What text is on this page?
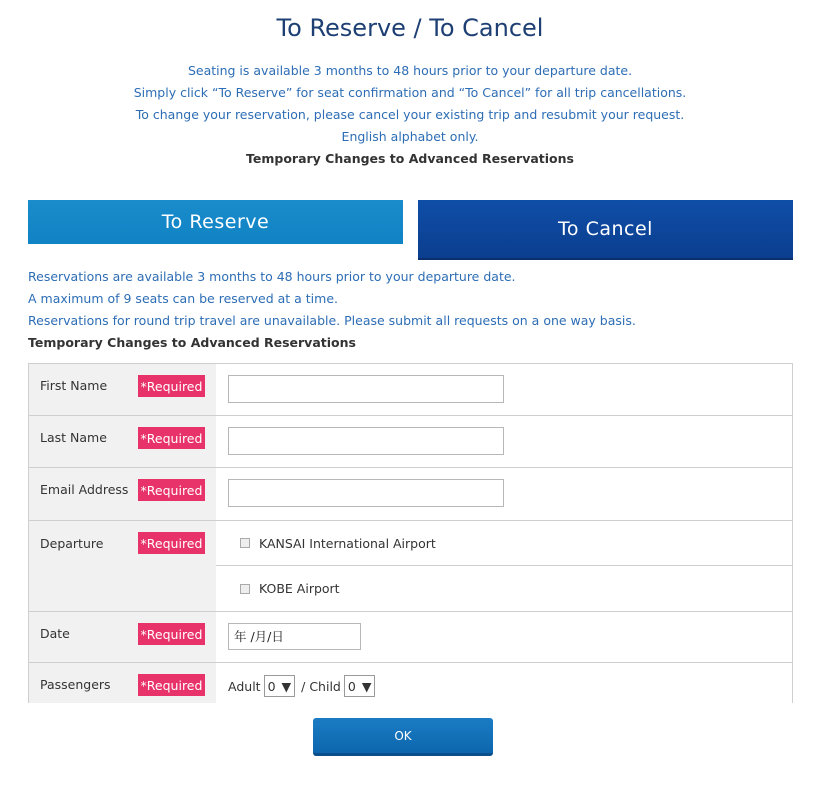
To Reserve / To Cancel

Seating is available 3 months to 48 hours prior to your departure date.

Simply click “To Reserve” for seat confirmation and “To Cancel” for all trip cancellations.

To change your reservation, please cancel your existing trip and resubmit your request.

English alphabet only.

Temporary Changes to Advanced Reservations

To Reserve	To Cancel

Reservations are available 3 months to 48 hours prior to your departure date.

A maximum of 9 seats can be reserved at a time.

Reservations for round trip travel are unavailable. Please submit all requests on a one way basis.

Temporary Changes to Advanced Reservations

First Name	*Required
Last Name	*Required
Email Address *Required
Departure	*Required	KANSAI International Airport
KOBE Airport
Date	*Required	年 /月/日
Passengers *Required Adult 0 ▼ / Child 0 ▼
OK
